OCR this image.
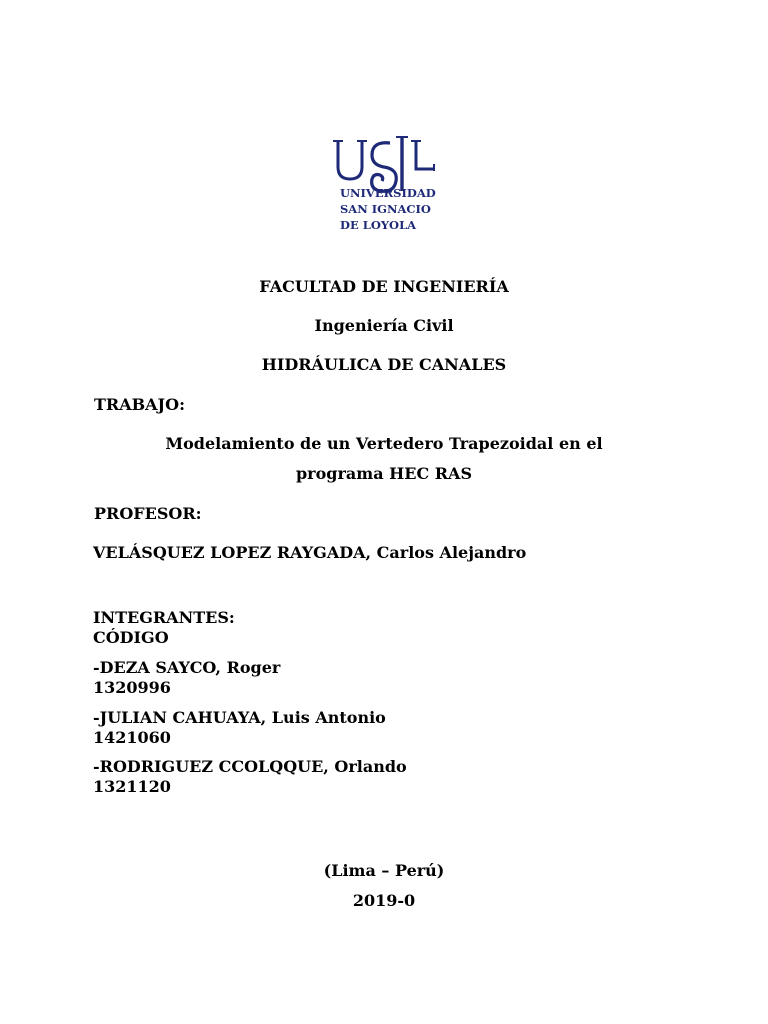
UNIVERSIDAD
SAN IGNACIO
DE LOYOLA
FACULTAD DE INGENIERÍA
Ingeniería Civil
HIDRÁULICA DE CANALES
TRABAJO:
Modelamiento de un Vertedero Trapezoidal en el
programa HEC RAS
PROFESOR:
VELÁSQUEZ LOPEZ RAYGADA, Carlos Alejandro
INTEGRANTES:
CÓDIGO
-DEZA SAYCO, Roger
1320996
-JULIAN CAHUAYA, Luis Antonio
1421060
-RODRIGUEZ CCOLQQUE, Orlando
1321120
(Lima – Perú)
2019-0
